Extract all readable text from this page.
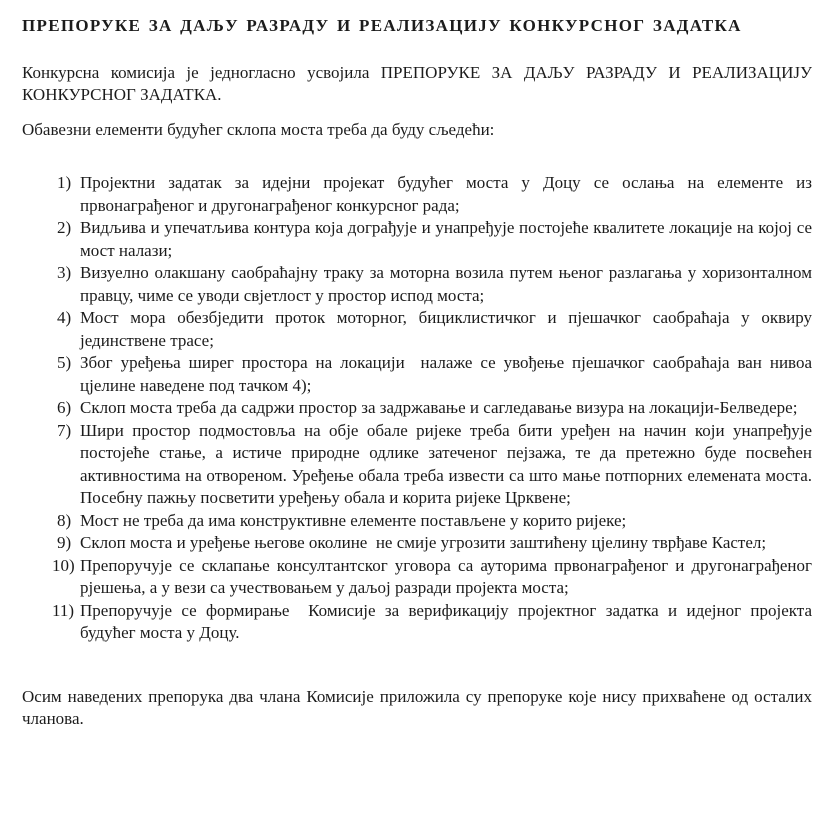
ПРЕПОРУКЕ ЗА ДАЉУ РАЗРАДУ И РЕАЛИЗАЦИЈУ КОНКУРСНОГ ЗАДАТКА

Конкурсна комисија је једногласно усвојила ПРЕПОРУКЕ ЗА ДАЉУ РАЗРАДУ И РЕАЛИЗАЦИЈУ КОНКУРСНОГ ЗАДАТКА.

Обавезни елементи будућег склопа моста треба да буду сљедећи:

1) Пројектни задатак за идејни пројекат будућег моста у Доцу се ослања на елементе из првонаграђеног и другонаграђеног конкурсног рада;
2) Видљива и упечатљива контура која дограђује и унапређује постојеће квалитете локације на којој се мост налази;
3) Визуелно олакшану саобраћајну траку за моторна возила путем њеног разлагања у хоризонталном правцу, чиме се уводи свјетлост у простор испод моста;
4) Мост мора обезбједити проток моторног, бициклистичког и пјешачког саобраћаја у оквиру јединствене трасе;
5) Због уређења ширег простора на локацији  налаже се увођење пјешачког саобраћаја ван нивоа цјелине наведене под тачком 4);
6) Склоп моста треба да садржи простор за задржавање и сагледавање визура на локацији-Белведере;
7) Шири простор подмостовља на обје обале ријеке треба бити уређен на начин који унапређује постојеће стање, а истиче природне одлике затеченог пејзажа, те да претежно буде посвећен активностима на отвореном. Уређење обала треба извести са што мање потпорних елемената моста. Посебну пажњу посветити уређењу обала и корита ријеке Црквене;
8) Мост не треба да има конструктивне елементе постављене у корито ријеке;
9) Склоп моста и уређење његове околине  не смије угрозити заштићену цјелину тврђаве Кастел;
10) Препоручује се склапање консултантског уговора са ауторима првонаграђеног и другонаграђеног рјешења, а у вези са учествовањем у даљој разради пројекта моста;
11) Препоручује се формирање  Комисије за верификацију пројектног задатка и идејног пројекта будућег моста у Доцу.

Осим наведених препорука два члана Комисије приложила су препоруке које нису прихваћене од осталих чланова.
